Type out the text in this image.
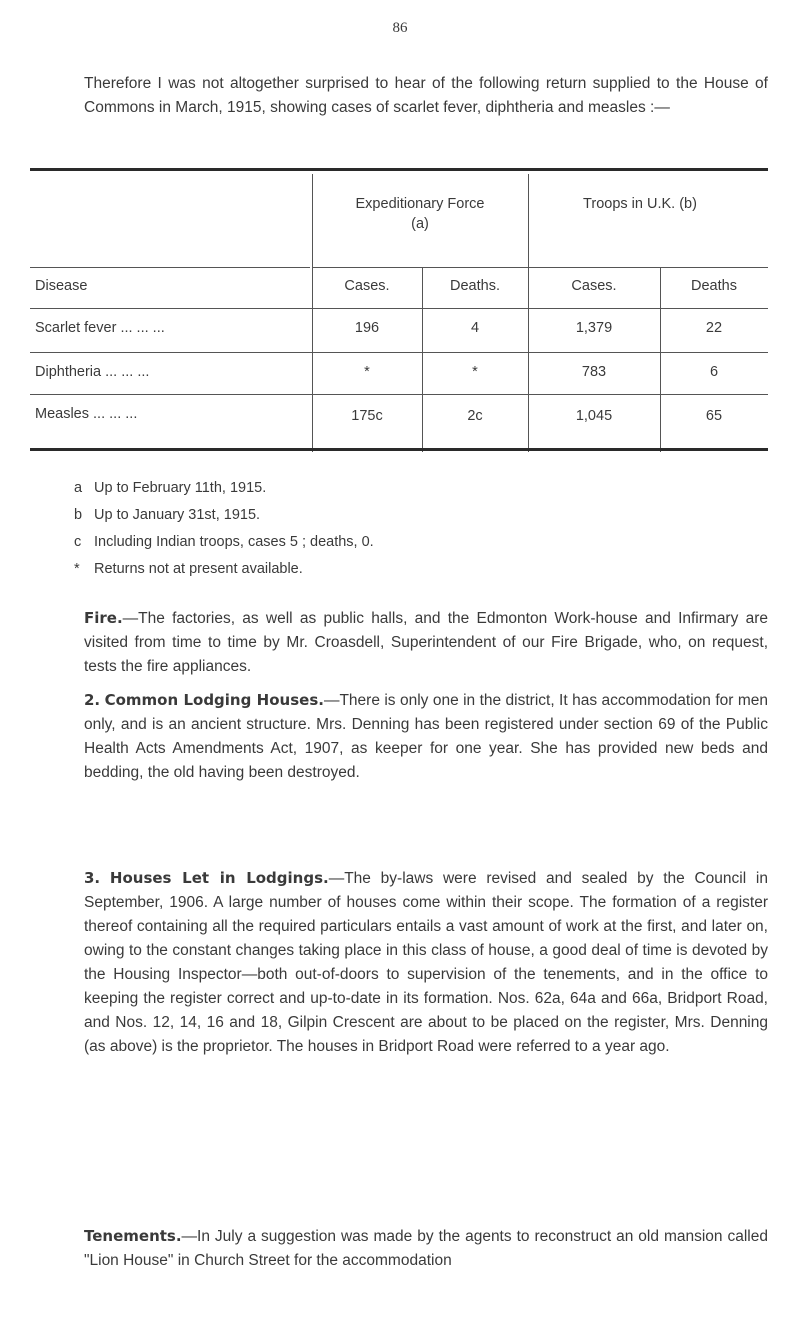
86
Therefore I was not altogether surprised to hear of the following return supplied to the House of Commons in March, 1915, showing cases of scarlet fever, diphtheria and measles :—
Expeditionary Force (a)
Troops in U.K. (b)
Disease	Cases.	Deaths.	Cases.	Deaths
Scarlet fever ... ... ...	196	4	1,379	22
Diphtheria ... ... ...	*	*	783	6
Measles ... ... ...	175c	2c	1,045	65
a Up to February 11th, 1915.
b Up to January 31st, 1915.
c Including Indian troops, cases 5 ; deaths, 0.
* Returns not at present available.
Fire.—The factories, as well as public halls, and the Edmonton Work-house and Infirmary are visited from time to time by Mr. Croasdell, Superintendent of our Fire Brigade, who, on request, tests the fire appliances.
2. Common Lodging Houses.—There is only one in the district, It has accommodation for men only, and is an ancient structure. Mrs. Denning has been registered under section 69 of the Public Health Acts Amendments Act, 1907, as keeper for one year. She has provided new beds and bedding, the old having been destroyed.
3. Houses Let in Lodgings.—The by-laws were revised and sealed by the Council in September, 1906. A large number of houses come within their scope. The formation of a register thereof containing all the required particulars entails a vast amount of work at the first, and later on, owing to the constant changes taking place in this class of house, a good deal of time is devoted by the Housing Inspector—both out-of-doors to supervision of the tenements, and in the office to keeping the register correct and up-to-date in its formation. Nos. 62a, 64a and 66a, Bridport Road, and Nos. 12, 14, 16 and 18, Gilpin Crescent are about to be placed on the register, Mrs. Denning (as above) is the proprietor. The houses in Bridport Road were referred to a year ago.
Tenements.—In July a suggestion was made by the agents to reconstruct an old mansion called "Lion House" in Church Street for the accommodation
